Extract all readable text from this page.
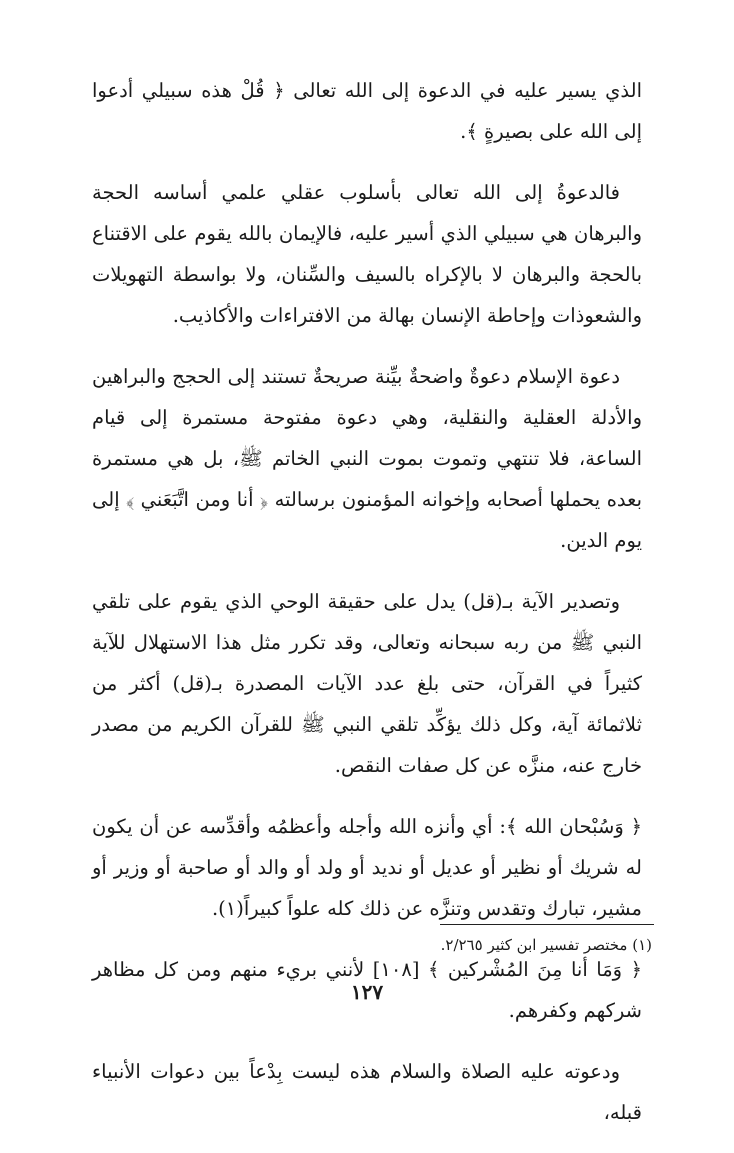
الذي يسير عليه في الدعوة إلى الله تعالى ﴿ قُلْ هذه سبيلي أدعوا إلى الله على بصيرةٍ ﴾.

فالدعوةُ إلى الله تعالى بأسلوب عقلي علمي أساسه الحجة والبرهان هي سبيلي الذي أسير عليه، فالإيمان بالله يقوم على الاقتناع بالحجة والبرهان لا بالإكراه بالسيف والسِّنان، ولا بواسطة التهويلات والشعوذات وإحاطة الإنسان بهالة من الافتراءات والأكاذيب.

دعوة الإسلام دعوةٌ واضحةٌ بيِّنة صريحةٌ تستند إلى الحجج والبراهين والأدلة العقلية والنقلية، وهي دعوة مفتوحة مستمرة إلى قيام الساعة، فلا تنتهي وتموت بموت النبي الخاتم ﷺ، بل هي مستمرة بعده يحملها أصحابه وإخوانه المؤمنون برسالته ﴿ أنا ومن اتَّبَعَني ﴾ إلى يوم الدين.

وتصدير الآية بـ(قل) يدل على حقيقة الوحي الذي يقوم على تلقي النبي ﷺ من ربه سبحانه وتعالى، وقد تكرر مثل هذا الاستهلال للآية كثيراً في القرآن، حتى بلغ عدد الآيات المصدرة بـ(قل) أكثر من ثلاثمائة آية، وكل ذلك يؤكِّد تلقي النبي ﷺ للقرآن الكريم من مصدر خارج عنه، منزَّه عن كل صفات النقص.

﴿ وَسُبْحان الله ﴾: أي وأنزه الله وأجله وأعظمُه وأقدِّسه عن أن يكون له شريك أو نظير أو عديل أو نديد أو ولد أو والد أو صاحبة أو وزير أو مشير، تبارك وتقدس وتنزَّه عن ذلك كله علواً كبيراً(١).

﴿ وَمَا أنا مِنَ المُشْركين ﴾ [١٠٨] لأنني بريء منهم ومن كل مظاهر شركهم وكفرهم.

ودعوته عليه الصلاة والسلام هذه ليست بِدْعاً بين دعوات الأنبياء قبله،

(١) مختصر تفسير ابن كثير ٢/٢٦٥.
١٢٧
